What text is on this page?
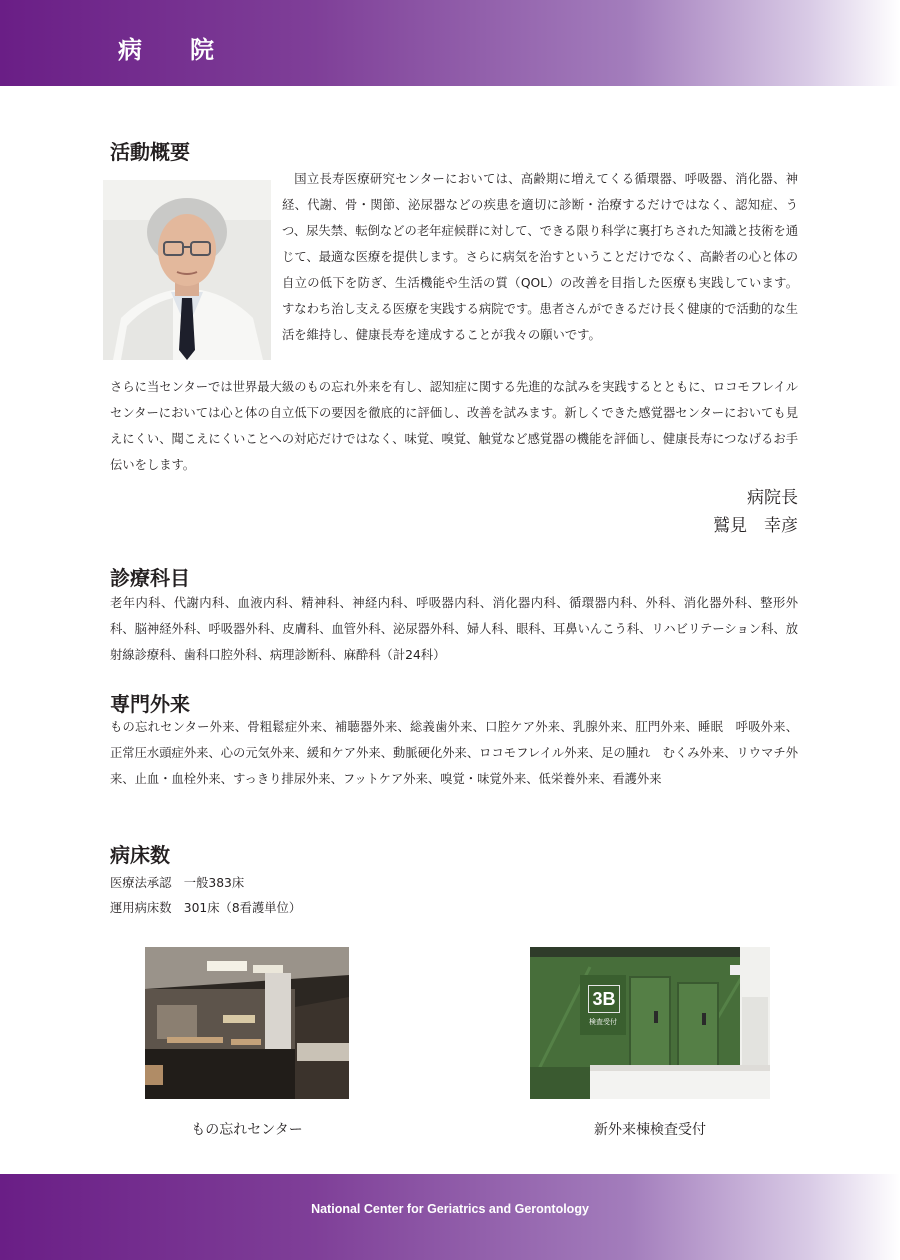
病　院
活動概要

国立長寿医療研究センターにおいては、高齢期に増えてくる循環器、呼吸器、消化器、神経、代謝、骨・関節、泌尿器などの疾患を適切に診断・治療するだけではなく、認知症、うつ、尿失禁、転倒などの老年症候群に対して、できる限り科学に裏打ちされた知識と技術を通じて、最適な医療を提供します。さらに病気を治すということだけでなく、高齢者の心と体の自立の低下を防ぎ、生活機能や生活の質（QOL）の改善を目指した医療も実践しています。すなわち治し支える医療を実践する病院です。患者さんができるだけ長く健康的で活動的な生活を維持し、健康長寿を達成することが我々の願いです。

さらに当センターでは世界最大級のもの忘れ外来を有し、認知症に関する先進的な試みを実践するとともに、ロコモフレイルセンターにおいては心と体の自立低下の要因を徹底的に評価し、改善を試みます。新しくできた感覚器センターにおいても見えにくい、聞こえにくいことへの対応だけではなく、味覚、嗅覚、触覚など感覚器の機能を評価し、健康長寿につなげるお手伝いをします。

病院長
鷲見　幸彦
診療科目

老年内科、代謝内科、血液内科、精神科、神経内科、呼吸器内科、消化器内科、循環器内科、外科、消化器外科、整形外科、脳神経外科、呼吸器外科、皮膚科、血管外科、泌尿器外科、婦人科、眼科、耳鼻いんこう科、リハビリテーション科、放射線診療科、歯科口腔外科、病理診断科、麻酔科（計24科）

専門外来

もの忘れセンター外来、骨粗鬆症外来、補聴器外来、総義歯外来、口腔ケア外来、乳腺外来、肛門外来、睡眠　呼吸外来、正常圧水頭症外来、心の元気外来、緩和ケア外来、動脈硬化外来、ロコモフレイル外来、足の腫れ　むくみ外来、リウマチ外来、止血・血栓外来、すっきり排尿外来、フットケア外来、嗅覚・味覚外来、低栄養外来、看護外来

病床数
医療法承認　一般383床
運用病床数　301床（8看護単位）
もの忘れセンター
3B
検査受付
新外来棟検査受付
National Center for Geriatrics and Gerontology
